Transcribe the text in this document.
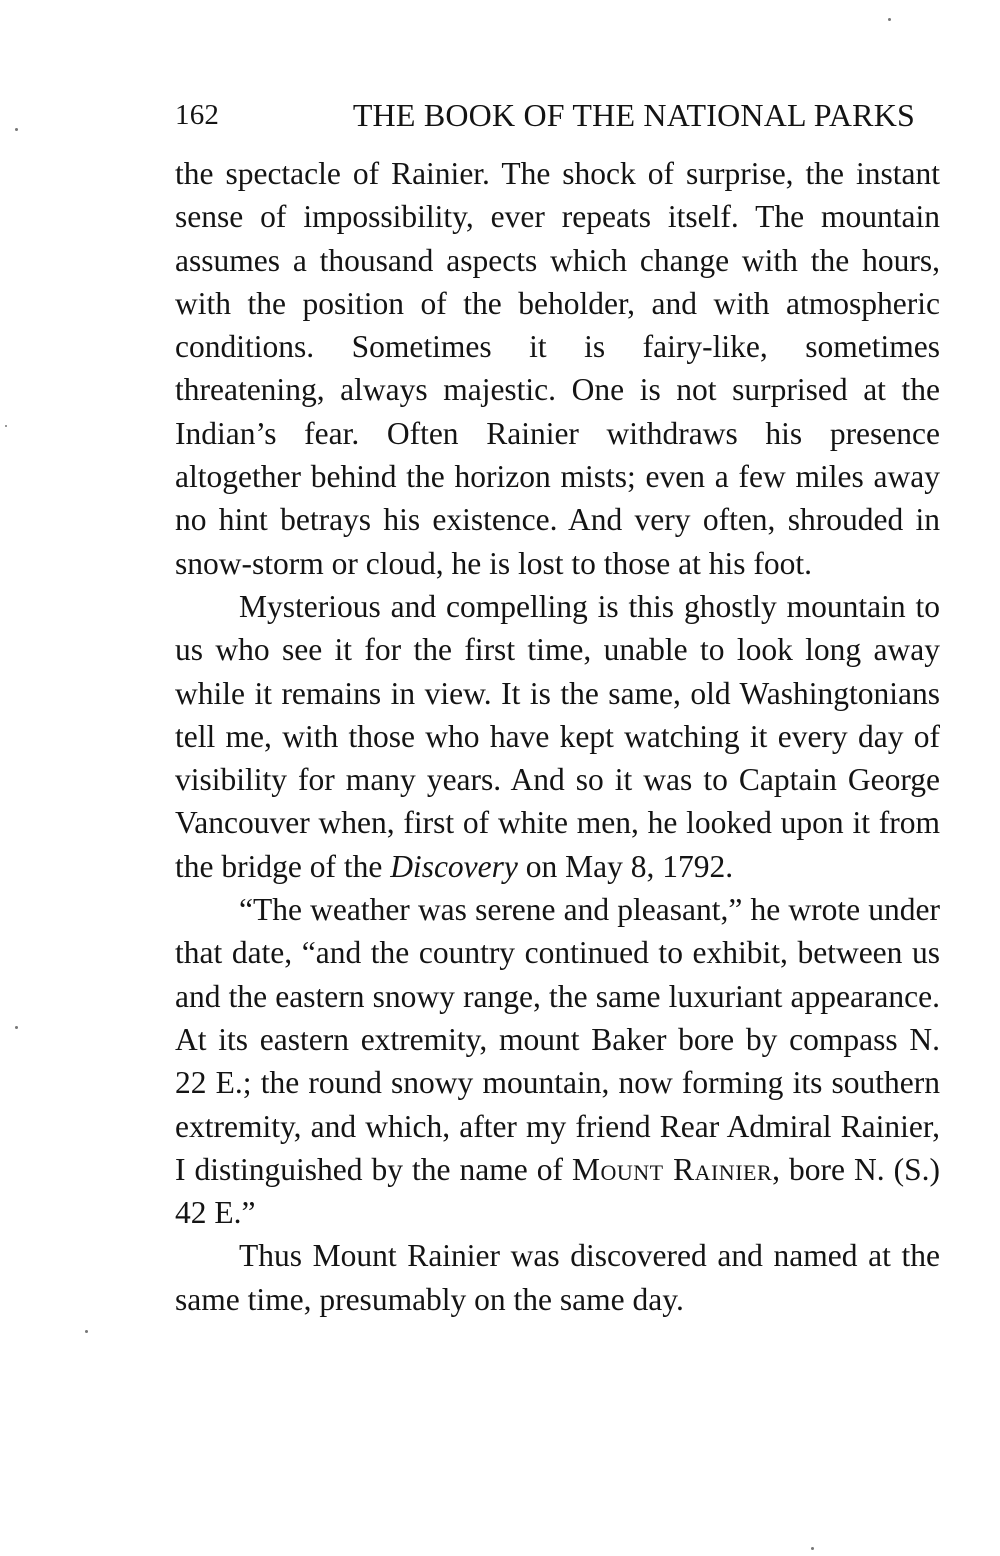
162	THE BOOK OF THE NATIONAL PARKS

the spectacle of Rainier. The shock of surprise, the instant sense of impossibility, ever repeats itself. The mountain assumes a thousand aspects which change with the hours, with the position of the beholder, and with atmospheric conditions. Sometimes it is fairy-like, sometimes threatening, always majestic. One is not surprised at the Indian’s fear. Often Rainier withdraws his presence altogether behind the horizon mists; even a few miles away no hint betrays his existence. And very often, shrouded in snow-storm or cloud, he is lost to those at his foot.

Mysterious and compelling is this ghostly mountain to us who see it for the first time, unable to look long away while it remains in view. It is the same, old Washingtonians tell me, with those who have kept watching it every day of visibility for many years. And so it was to Captain George Vancouver when, first of white men, he looked upon it from the bridge of the Discovery on May 8, 1792.

“The weather was serene and pleasant,” he wrote under that date, “and the country continued to exhibit, between us and the eastern snowy range, the same luxuriant appearance. At its eastern extremity, mount Baker bore by compass N. 22 E.; the round snowy mountain, now forming its southern extremity, and which, after my friend Rear Admiral Rainier, I distinguished by the name of Mount Rainier, bore N. (S.) 42 E.”

Thus Mount Rainier was discovered and named at the same time, presumably on the same day.
